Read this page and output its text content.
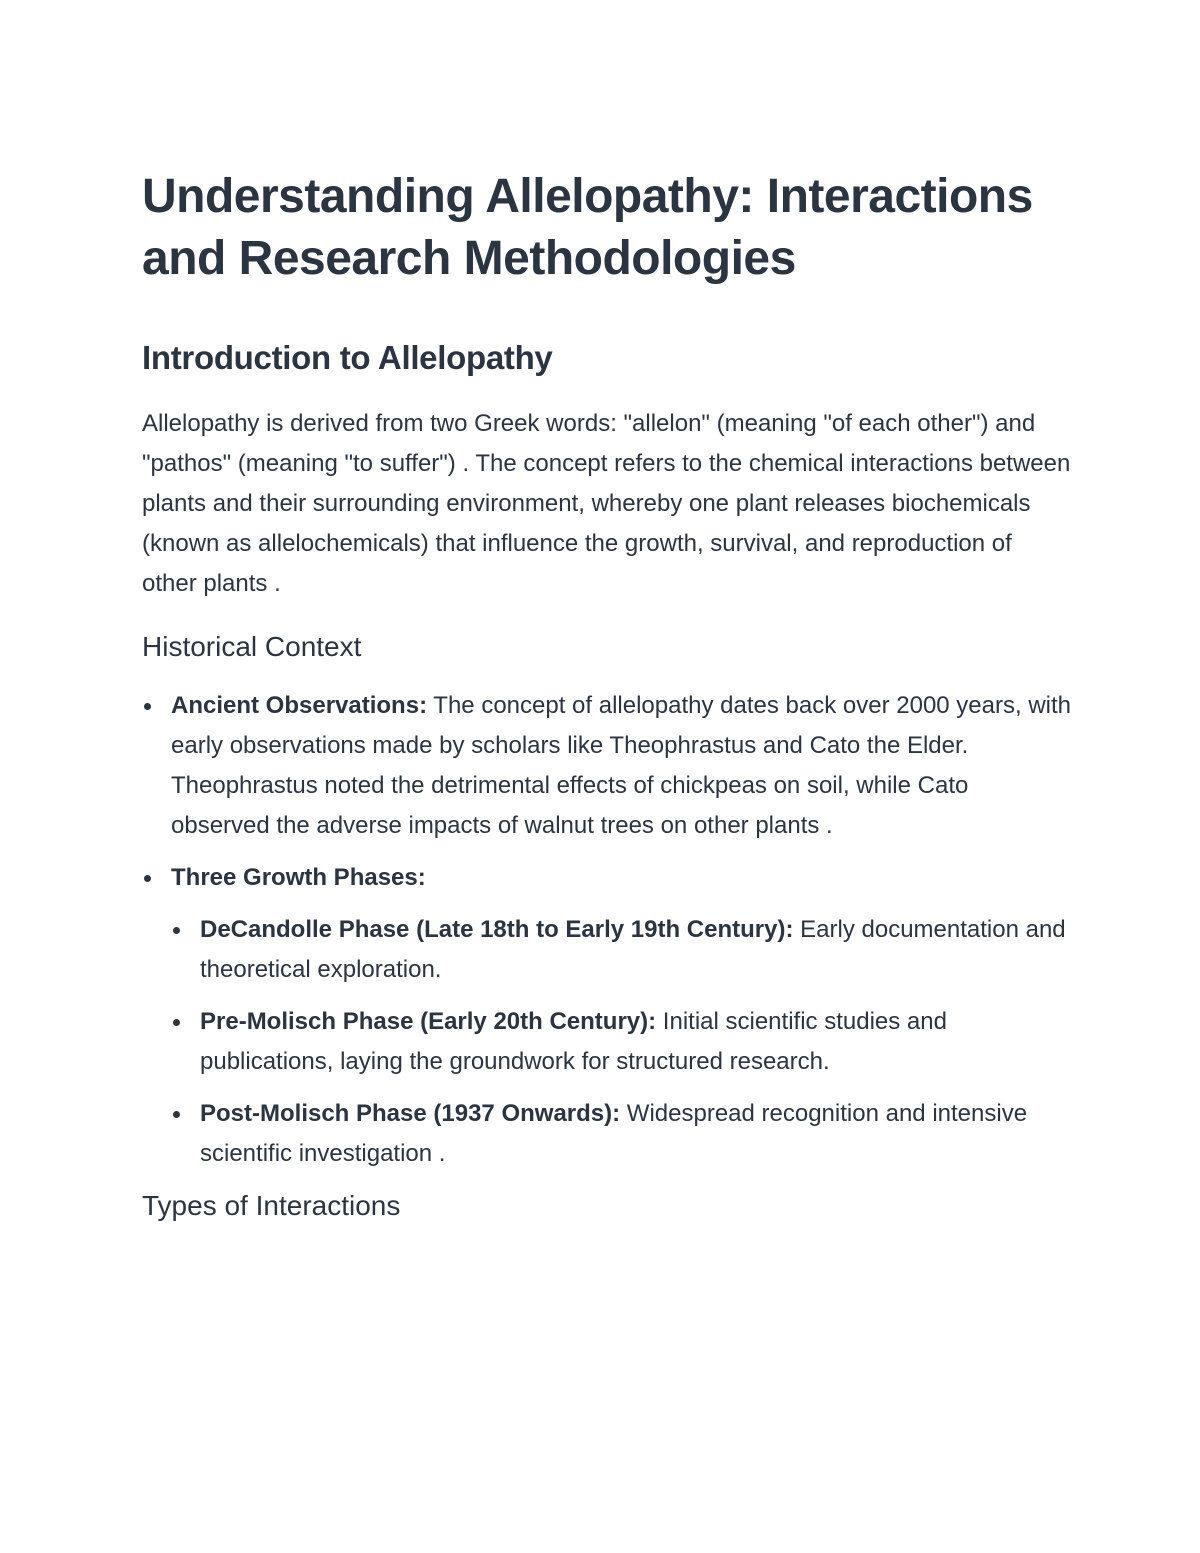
Understanding Allelopathy: Interactions and Research Methodologies
Introduction to Allelopathy

Allelopathy is derived from two Greek words: "allelon" (meaning "of each other") and "pathos" (meaning "to suffer") . The concept refers to the chemical interactions between plants and their surrounding environment, whereby one plant releases biochemicals (known as allelochemicals) that influence the growth, survival, and reproduction of other plants .

Historical Context
Ancient Observations: The concept of allelopathy dates back over 2000 years, with early observations made by scholars like Theophrastus and Cato the Elder. Theophrastus noted the detrimental effects of chickpeas on soil, while Cato observed the adverse impacts of walnut trees on other plants .
Three Growth Phases:
DeCandolle Phase (Late 18th to Early 19th Century): Early documentation and theoretical exploration.
Pre-Molisch Phase (Early 20th Century): Initial scientific studies and publications, laying the groundwork for structured research.
Post-Molisch Phase (1937 Onwards): Widespread recognition and intensive scientific investigation .
Types of Interactions
